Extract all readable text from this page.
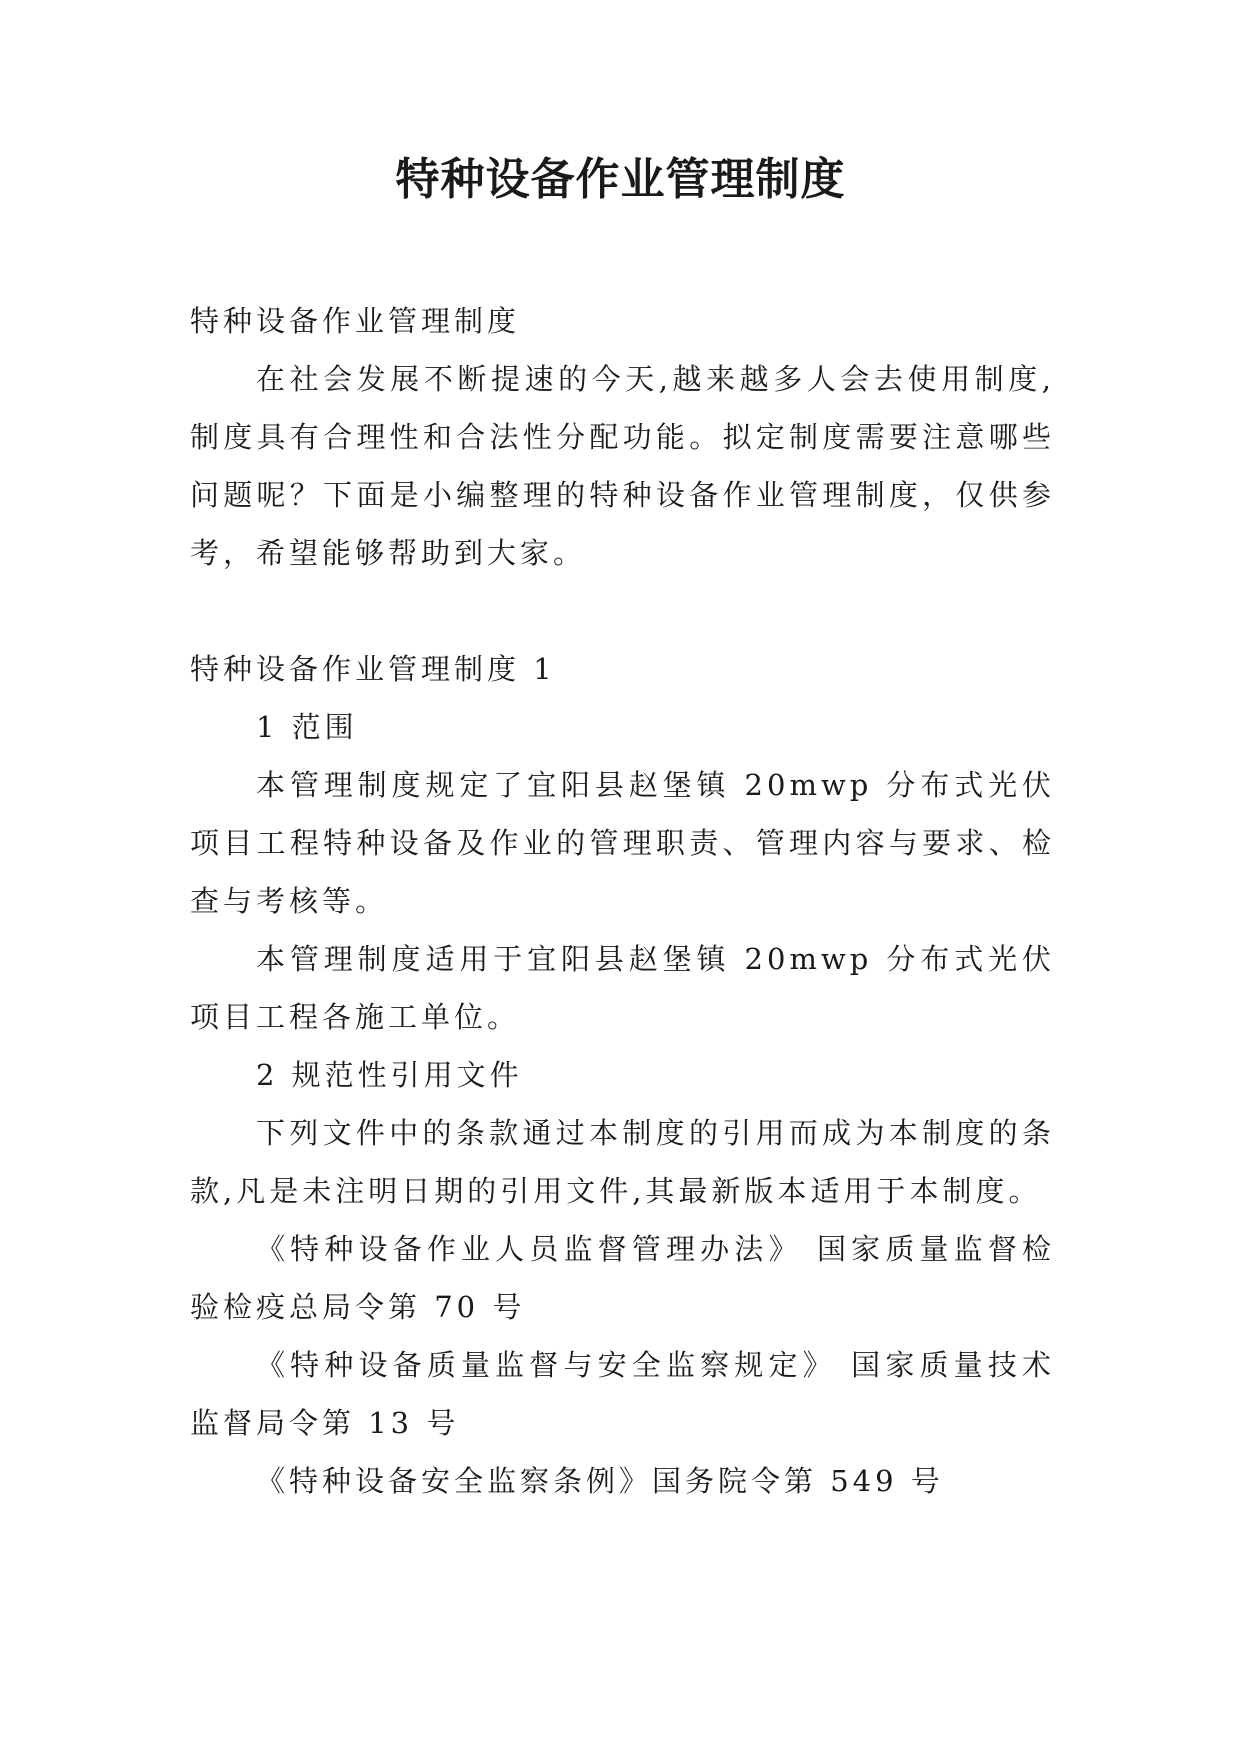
特种设备作业管理制度

特种设备作业管理制度

在社会发展不断提速的今天,越来越多人会去使用制度,制度具有合理性和合法性分配功能。拟定制度需要注意哪些问题呢？下面是小编整理的特种设备作业管理制度，仅供参考，希望能够帮助到大家。

特种设备作业管理制度 1

1 范围

本管理制度规定了宜阳县赵堡镇 20mwp 分布式光伏项目工程特种设备及作业的管理职责、管理内容与要求、检查与考核等。

本管理制度适用于宜阳县赵堡镇 20mwp 分布式光伏项目工程各施工单位。

2 规范性引用文件

下列文件中的条款通过本制度的引用而成为本制度的条款,凡是未注明日期的引用文件,其最新版本适用于本制度。

《特种设备作业人员监督管理办法》 国家质量监督检验检疫总局令第 70 号

《特种设备质量监督与安全监察规定》 国家质量技术监督局令第 13 号

《特种设备安全监察条例》国务院令第 549 号
